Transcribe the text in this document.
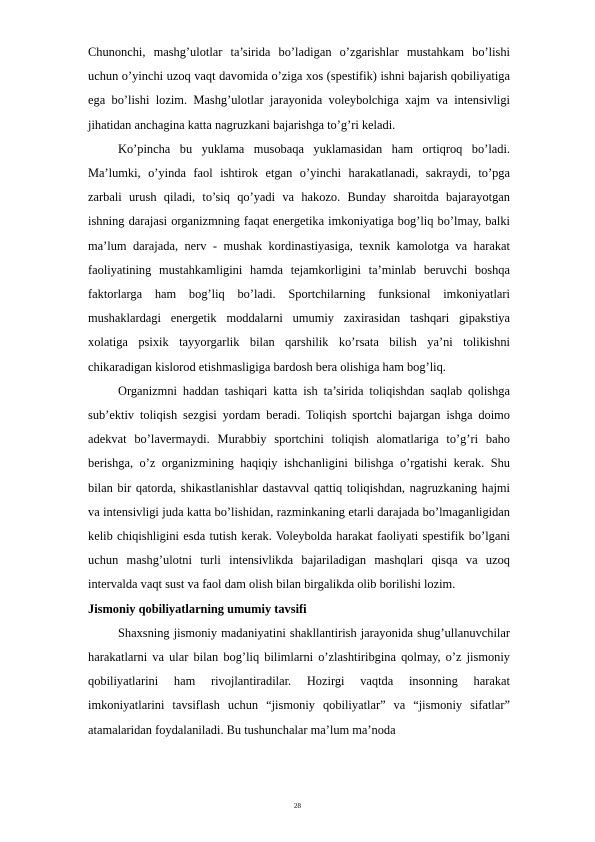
Chunonchi, mashg’ulotlar ta’sirida bo’ladigan o’zgarishlar mustahkam bo’lishi uchun o’yinchi uzoq vaqt davomida o’ziga xos (spestifik) ishni bajarish qobiliyatiga ega bo’lishi lozim. Mashg’ulotlar jarayonida voleybolchiga xajm va intensivligi jihatidan anchagina katta nagruzkani bajarishga to’g’ri keladi.

Ko’pincha bu yuklama musobaqa yuklamasidan ham ortiqroq bo’ladi. Ma’lumki, o’yinda faol ishtirok etgan o’yinchi harakatlanadi, sakraydi, to’pga zarbali urush qiladi, to’siq qo’yadi va hakozo. Bunday sharoitda bajarayotgan ishning darajasi organizmning faqat energetika imkoniyatiga bog’liq bo’lmay, balki ma’lum darajada, nerv - mushak kordinastiyasiga, texnik kamolotga va harakat faoliyatining mustahkamligini hamda tejamkorligini ta’minlab beruvchi boshqa faktorlarga ham bog’liq bo’ladi. Sportchilarning funksional imkoniyatlari mushaklardagi energetik moddalarni umumiy zaxirasidan tashqari gipakstiya xolatiga psixik tayyorgarlik bilan qarshilik ko’rsata bilish ya’ni tolikishni chikaradigan kislorod etishmasligiga bardosh bera olishiga ham bog’liq.

Organizmni haddan tashiqari katta ish ta’sirida toliqishdan saqlab qolishga sub’ektiv toliqish sezgisi yordam beradi. Toliqish sportchi bajargan ishga doimo adekvat bo’lavermaydi. Murabbiy sportchini toliqish alomatlariga to’g’ri baho berishga, o’z organizmining haqiqiy ishchanligini bilishga o’rgatishi kerak. Shu bilan bir qatorda, shikastlanishlar dastavval qattiq toliqishdan, nagruzkaning hajmi va intensivligi juda katta bo’lishidan, razminkaning etarli darajada bo’lmaganligidan kelib chiqishligini esda tutish kerak. Voleybolda harakat faoliyati spestifik bo’lgani uchun mashg’ulotni turli intensivlikda bajariladigan mashqlari qisqa va uzoq intervalda vaqt sust va faol dam olish bilan birgalikda olib borilishi lozim.

Jismoniy qobiliyatlarning umumiy tavsifi

Shaxsning jismoniy madaniyatini shakllantirish jarayonida shug’ullanuvchilar harakatlarni va ular bilan bog’liq bilimlarni o’zlashtiribgina qolmay, o’z jismoniy qobiliyatlarini ham rivojlantiradilar. Hozirgi vaqtda insonning harakat imkoniyatlarini tavsiflash uchun “jismoniy qobiliyatlar” va “jismoniy sifatlar” atamalaridan foydalaniladi. Bu tushunchalar ma’lum ma’noda

28
